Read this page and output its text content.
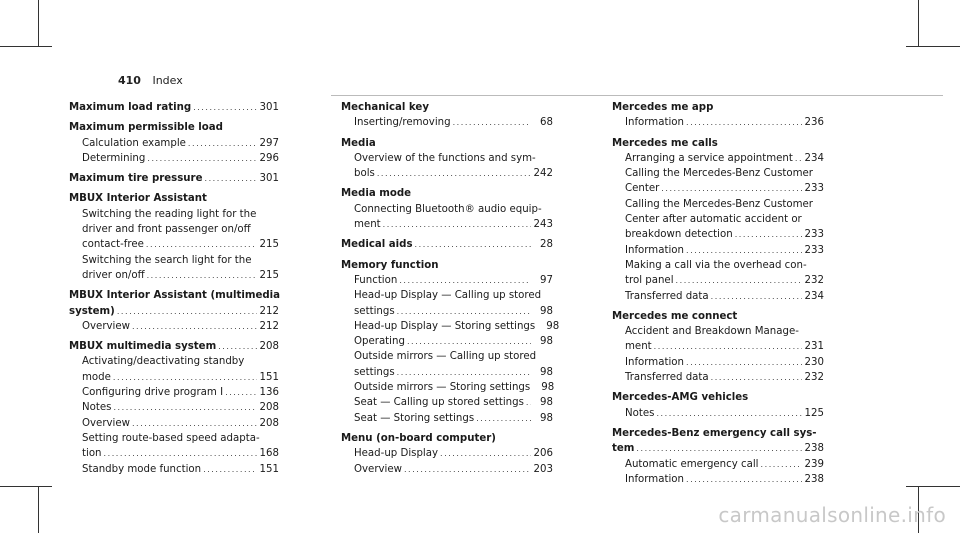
410 Index
Maximum load rating . . .	301
Maximum permissible load
Calculation example . . .	297
Determining . . .	296
Maximum tire pressure . . .	301
MBUX Interior Assistant
Switching the reading light for the
driver and front passenger on/off
contact-free . . .	215
Switching the search light for the
driver on/off . . .	215
MBUX Interior Assistant (multimedia
system) . . .	212
Overview . . .	212
MBUX multimedia system . . .	208
Activating/deactivating standby
mode . . .	151
Configuring drive program I . . .	136
Notes . . .	208
Overview . . .	208
Setting route-based speed adapta-
tion . . .	168
Standby mode function . . .	151
Mechanical key
Inserting/removing . . .	68
Media
Overview of the functions and sym-
bols . . .	242
Media mode
Connecting Bluetooth® audio equip-
ment . . .	243
Medical aids . . .	28
Memory function
Function . . .	97
Head-up Display — Calling up stored
settings . . .	98
Head-up Display — Storing settings	98
Operating . . .	98
Outside mirrors — Calling up stored
settings . . .	98
Outside mirrors — Storing settings	98
Seat — Calling up stored settings . . .	98
Seat — Storing settings . . .	98
Menu (on-board computer)
Head-up Display . . .	206
Overview . . .	203
Mercedes me app
Information . . .	236
Mercedes me calls
Arranging a service appointment . . . 234
Calling the Mercedes-Benz Customer
Center . . .	233
Calling the Mercedes-Benz Customer
Center after automatic accident or
breakdown detection . . .	233
Information . . .	233
Making a call via the overhead con-
trol panel . . .	232
Transferred data . . .	234
Mercedes me connect
Accident and Breakdown Manage-
ment . . .	231
Information . . .	230
Transferred data . . .	232
Mercedes-AMG vehicles
Notes . . .	125
Mercedes-Benz emergency call sys-
tem . . .	238
Automatic emergency call . . .	239
Information . . .	238
carmanualsonline.info
